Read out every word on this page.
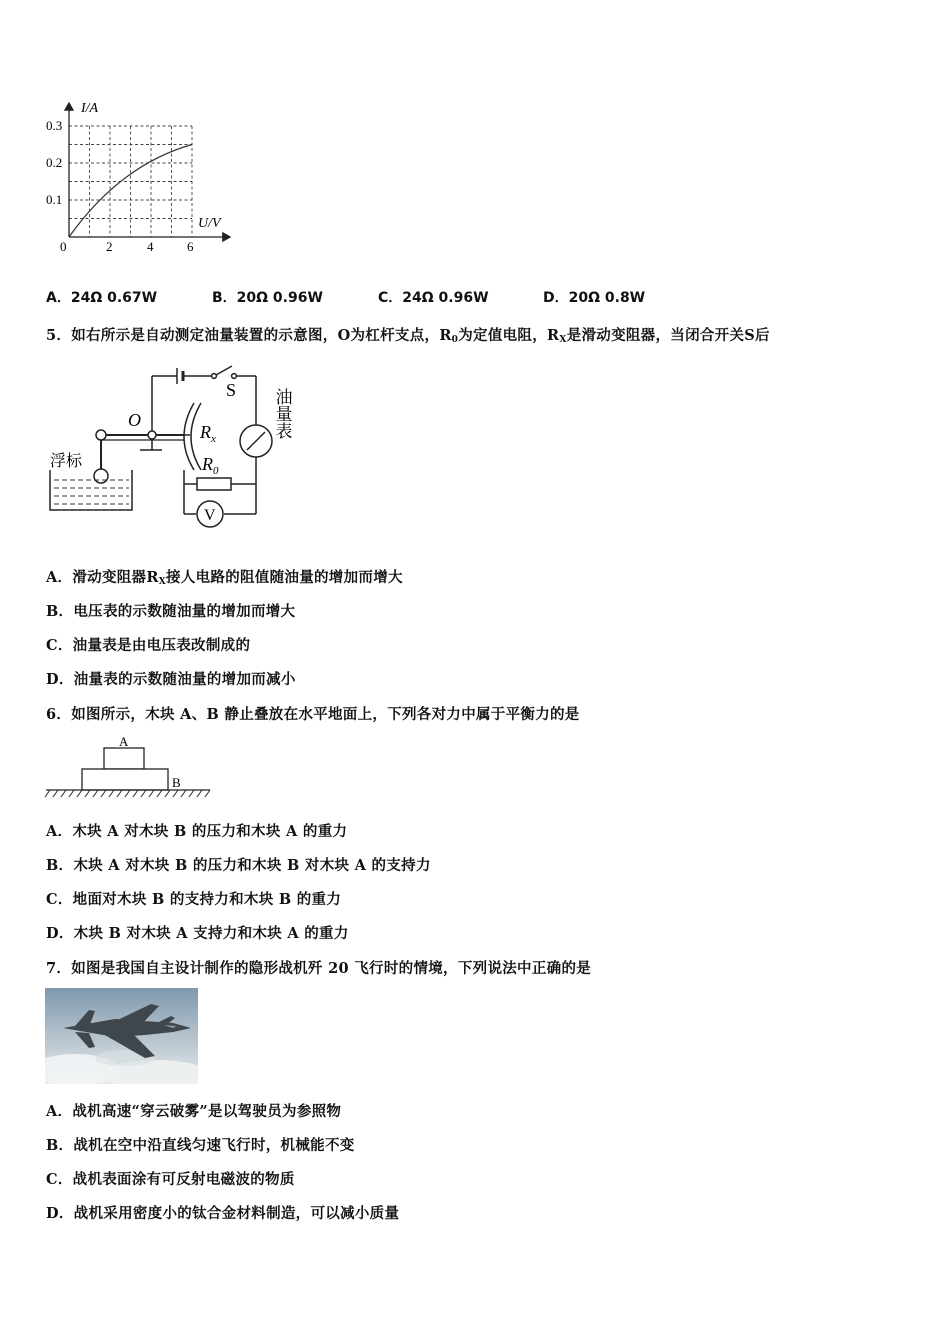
I/A
U/V
0
0.1
0.2
0.3
2	4	6
A．24Ω 0.67W	B．20Ω 0.96W	C．24Ω 0.96W	D．20Ω 0.8W
5．如右所示是自动测定油量装置的示意图，O为杠杆支点，$R_0$为定值电阻，$R_X$是滑动变阻器，当闭合开关S后
S
O
$R_x$
$R_0$
V
浮标
油量表
A．滑动变阻器$R_X$接人电路的阻值随油量的增加而增大
B．电压表的示数随油量的增加而增大
C．油量表是由电压表改制成的
D．油量表的示数随油量的增加而减小
6．如图所示，木块 A、B 静止叠放在水平地面上，下列各对力中属于平衡力的是
A
B
A．木块 A 对木块 B 的压力和木块 A 的重力
B．木块 A 对木块 B 的压力和木块 B 对木块 A 的支持力
C．地面对木块 B 的支持力和木块 B 的重力
D．木块 B 对木块 A 支持力和木块 A 的重力
7．如图是我国自主设计制作的隐形战机歼 20 飞行时的情境，下列说法中正确的是
A．战机高速“穿云破雾”是以驾驶员为参照物
B．战机在空中沿直线匀速飞行时，机械能不变
C．战机表面涂有可反射电磁波的物质
D．战机采用密度小的钛合金材料制造，可以减小质量
